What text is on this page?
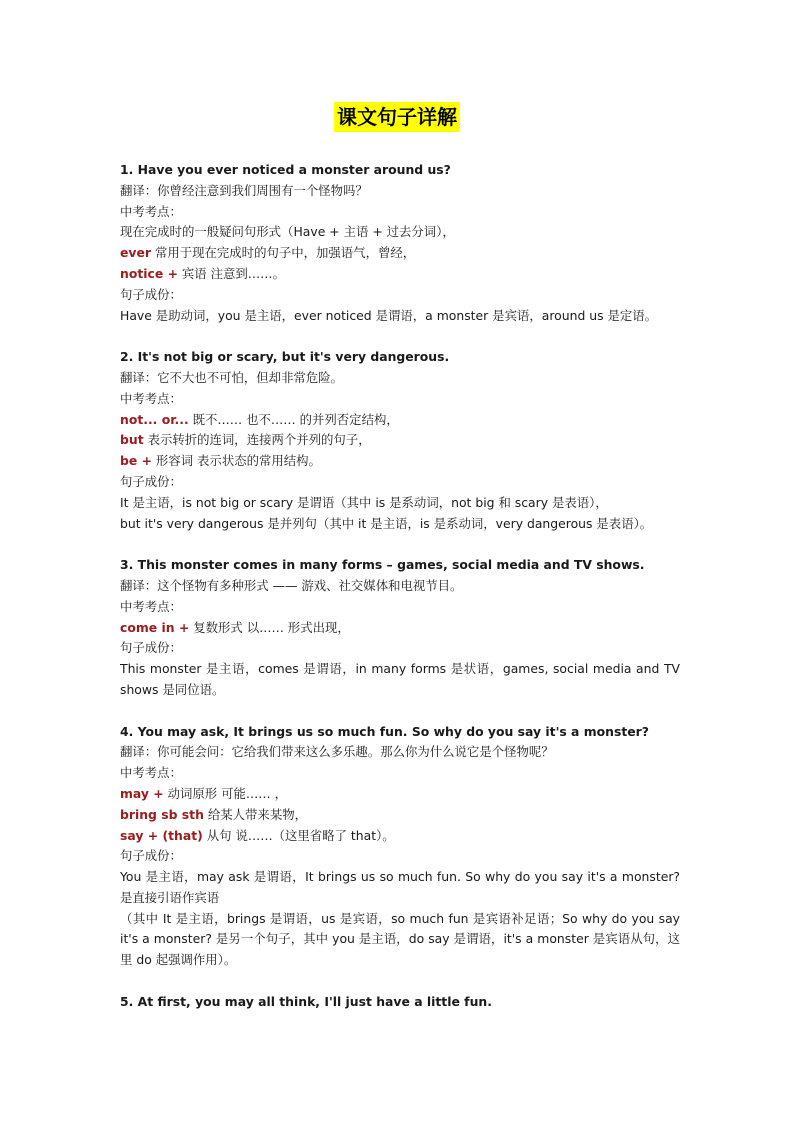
课文句子详解
1. Have you ever noticed a monster around us?
翻译：你曾经注意到我们周围有一个怪物吗？
中考考点：
现在完成时的一般疑问句形式（Have + 主语 + 过去分词），
ever 常用于现在完成时的句子中，加强语气，曾经，
notice + 宾语 注意到……。
句子成份：
Have 是助动词，you 是主语，ever noticed 是谓语，a monster 是宾语，around us 是定语。
2. It's not big or scary, but it's very dangerous.
翻译：它不大也不可怕，但却非常危险。
中考考点：
not... or... 既不…… 也不…… 的并列否定结构，
but 表示转折的连词，连接两个并列的句子，
be + 形容词 表示状态的常用结构。
句子成份：
It 是主语，is not big or scary 是谓语（其中 is 是系动词，not big 和 scary 是表语），
but it's very dangerous 是并列句（其中 it 是主语，is 是系动词，very dangerous 是表语）。
3. This monster comes in many forms – games, social media and TV shows.
翻译：这个怪物有多种形式 —— 游戏、社交媒体和电视节目。
中考考点：
come in + 复数形式 以…… 形式出现，
句子成份：
This monster 是主语，comes 是谓语，in many forms 是状语，games, social media and TV shows 是同位语。
4. You may ask, It brings us so much fun. So why do you say it's a monster?
翻译：你可能会问：它给我们带来这么多乐趣。那么你为什么说它是个怪物呢？
中考考点：
may + 动词原形 可能…… ，
bring sb sth 给某人带来某物，
say + (that) 从句 说……（这里省略了 that）。
句子成份：
You 是主语，may ask 是谓语，It brings us so much fun. So why do you say it's a monster? 是直接引语作宾语
（其中 It 是主语，brings 是谓语，us 是宾语，so much fun 是宾语补足语；So why do you say it's a monster? 是另一个句子，其中 you 是主语，do say 是谓语，it's a monster 是宾语从句，这里 do 起强调作用）。
5. At first, you may all think, I'll just have a little fun.
